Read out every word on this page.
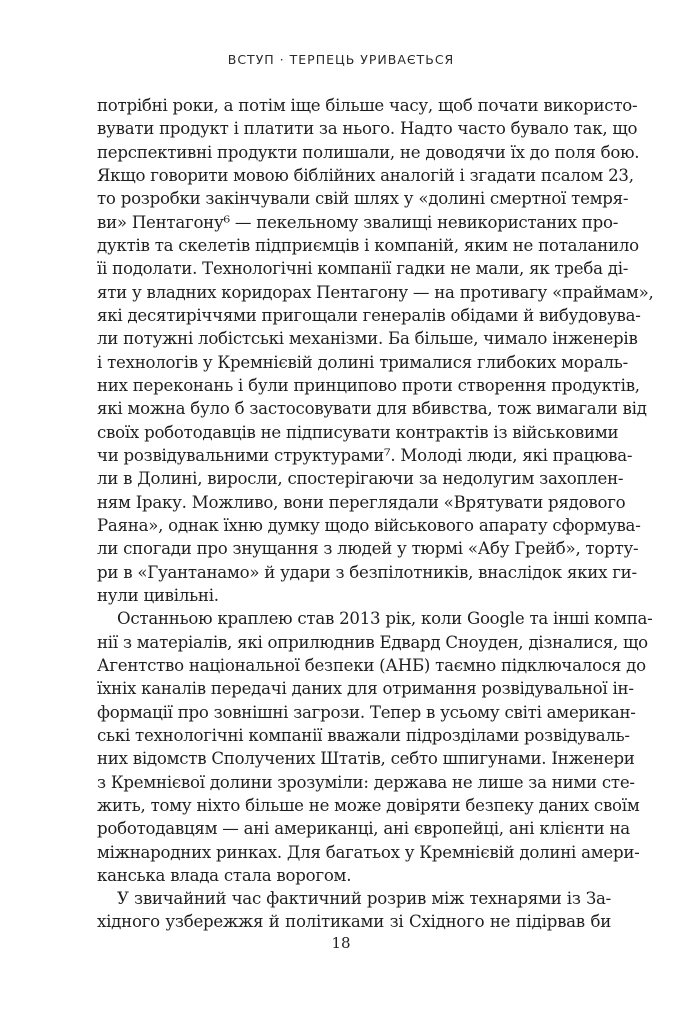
ВСТУП · ТЕРПЕЦЬ УРИВАЄТЬСЯ
потрібні роки, а потім іще більше часу, щоб почати використо-
вувати продукт і платити за нього. Надто часто бувало так, що
перспективні продукти полишали, не доводячи їх до поля бою.
Якщо говорити мовою біблійних аналогій і згадати псалом 23,
то розробки закінчували свій шлях у «долині смертної темря-
ви» Пентагону⁶ — пекельному звалищі невикористаних про-
дуктів та скелетів підприємців і компаній, яким не поталанило
їі подолати. Технологічні компанії гадки не мали, як треба ді-
яти у владних коридорах Пентагону — на противагу «праймам»,
які десятиріччями пригощали генералів обідами й вибудовува-
ли потужні лобістські механізми. Ба більше, чимало інженерів
і технологів у Кремнієвій долині трималися глибоких мораль-
них переконань і були принципово проти створення продуктів,
які можна було б застосовувати для вбивства, тож вимагали від
своїх роботодавців не підписувати контрактів із військовими
чи розвідувальними структурами⁷. Молоді люди, які працюва-
ли в Долині, виросли, спостерігаючи за недолугим захоплен-
ням Іраку. Можливо, вони переглядали «Врятувати рядового
Раяна», однак їхню думку щодо військового апарату сформува-
ли спогади про знущання з людей у тюрмі «Абу Грейб», торту-
ри в «Гуантанамо» й удари з безпілотників, внаслідок яких ги-
нули цивільні.
Останньою краплею став 2013 рік, коли Google та інші компа-
нії з матеріалів, які оприлюднив Едвард Сноуден, дізналися, що
Агентство національної безпеки (АНБ) таємно підключалося до
їхніх каналів передачі даних для отримання розвідувальної ін-
формації про зовнішні загрози. Тепер в усьому світі американ-
ські технологічні компанії вважали підрозділами розвідуваль-
них відомств Сполучених Штатів, себто шпигунами. Інженери
з Кремнієвої долини зрозуміли: держава не лише за ними сте-
жить, тому ніхто більше не може довіряти безпеку даних своїм
роботодавцям — ані американці, ані європейці, ані клієнти на
міжнародних ринках. Для багатьох у Кремнієвій долині амери-
канська влада стала ворогом.
У звичайний час фактичний розрив між технарями із За-
хідного узбережжя й політиками зі Східного не підірвав би
18
